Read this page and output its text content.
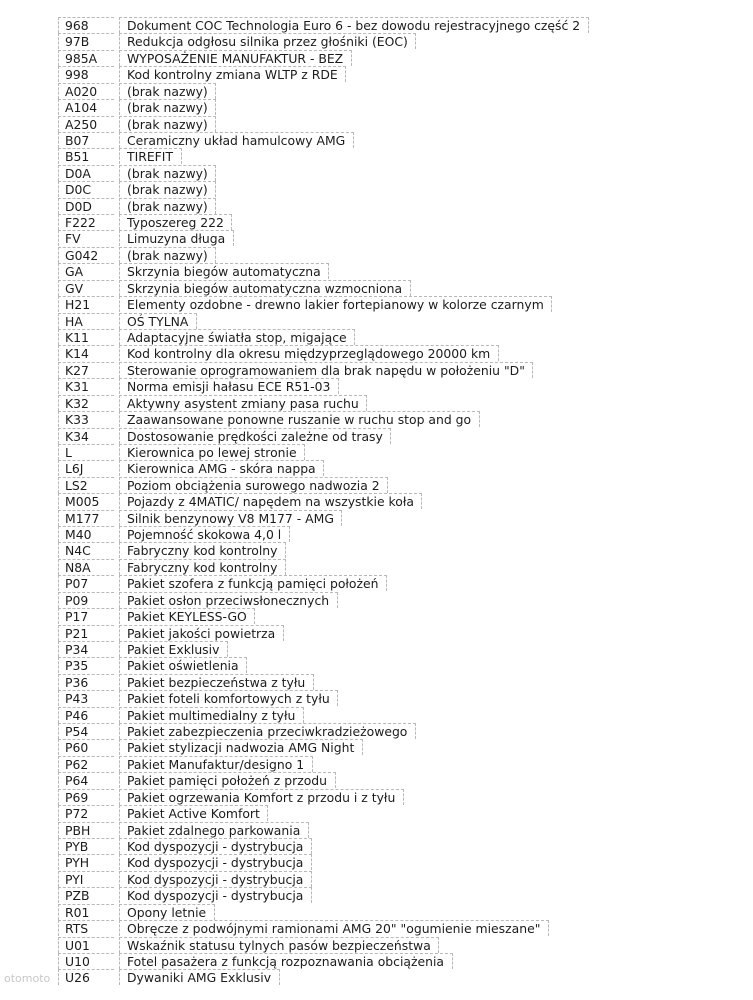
968	Dokument COC Technologia Euro 6 - bez dowodu rejestracyjnego część 2
97B	Redukcja odgłosu silnika przez głośniki (EOC)
985A WYPOSAŻENIE MANUFAKTUR - BEZ
998	Kod kontrolny zmiana WLTP z RDE
A020 (brak nazwy)
A104 (brak nazwy)
A250 (brak nazwy)
B07	Ceramiczny układ hamulcowy AMG
B51	TIREFIT
D0A	(brak nazwy)
D0C	(brak nazwy)
D0D	(brak nazwy)
F222	Typoszereg 222
FV	Limuzyna długa
G042 (brak nazwy)
GA	Skrzynia biegów automatyczna
GV	Skrzynia biegów automatyczna wzmocniona
H21	Elementy ozdobne - drewno lakier fortepianowy w kolorze czarnym
HA	OŚ TYLNA
K11	Adaptacyjne światła stop, migające
K14	Kod kontrolny dla okresu międzyprzeglądowego 20000 km
K27	Sterowanie oprogramowaniem dla brak napędu w położeniu "D"
K31	Norma emisji hałasu ECE R51-03
K32	Aktywny asystent zmiany pasa ruchu
K33	Zaawansowane ponowne ruszanie w ruchu stop and go
K34	Dostosowanie prędkości zależne od trasy
L	Kierownica po lewej stronie
L6J	Kierownica AMG - skóra nappa
LS2	Poziom obciążenia surowego nadwozia 2
M005 Pojazdy z 4MATIC/ napędem na wszystkie koła
M177 Silnik benzynowy V8 M177 - AMG
M40	Pojemność skokowa 4,0 l
N4C	Fabryczny kod kontrolny
N8A	Fabryczny kod kontrolny
P07	Pakiet szofera z funkcją pamięci położeń
P09	Pakiet osłon przeciwsłonecznych
P17	Pakiet KEYLESS-GO
P21	Pakiet jakości powietrza
P34	Pakiet Exklusiv
P35	Pakiet oświetlenia
P36	Pakiet bezpieczeństwa z tyłu
P43	Pakiet foteli komfortowych z tyłu
P46	Pakiet multimedialny z tyłu
P54	Pakiet zabezpieczenia przeciwkradzieżowego
P60	Pakiet stylizacji nadwozia AMG Night
P62	Pakiet Manufaktur/designo 1
P64	Pakiet pamięci położeń z przodu
P69	Pakiet ogrzewania Komfort z przodu i z tyłu
P72	Pakiet Active Komfort
PBH	Pakiet zdalnego parkowania
PYB	Kod dyspozycji - dystrybucja
PYH	Kod dyspozycji - dystrybucja
PYI	Kod dyspozycji - dystrybucja
PZB	Kod dyspozycji - dystrybucja
R01	Opony letnie
RTS	Obręcze z podwójnymi ramionami AMG 20" "ogumienie mieszane"
U01	Wskaźnik statusu tylnych pasów bezpieczeństwa
U10	Fotel pasażera z funkcją rozpoznawania obciążenia
U26	Dywaniki AMG Exklusiv
otomoto
